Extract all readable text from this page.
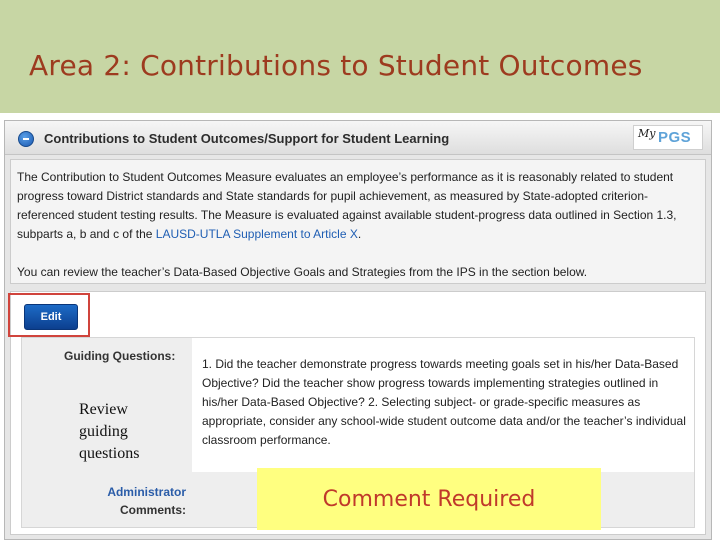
Area 2: Contributions to Student Outcomes
Contributions to Student Outcomes/Support for Student Learning	My PGS

The Contribution to Student Outcomes Measure evaluates an employee’s performance as it is reasonably related to student progress toward District standards and State standards for pupil achievement, as measured by State-adopted criterion-referenced student testing results. The Measure is evaluated against available student-progress data outlined in Section 1.3, subparts a, b and c of the LAUSD-UTLA Supplement to Article X.

You can review the teacher’s Data-Based Objective Goals and Strategies from the IPS in the section below.

Edit

Guiding Questions:

1. Did the teacher demonstrate progress towards meeting goals set in his/her Data-Based Objective? Did the teacher show progress towards implementing strategies outlined in his/her Data-Based Objective? 2. Selecting subject- or grade-specific measures as appropriate, consider any school-wide student outcome data and/or the teacher’s individual classroom performance.

Administrator
Comments:

Review
guiding
questions

Comment Required
